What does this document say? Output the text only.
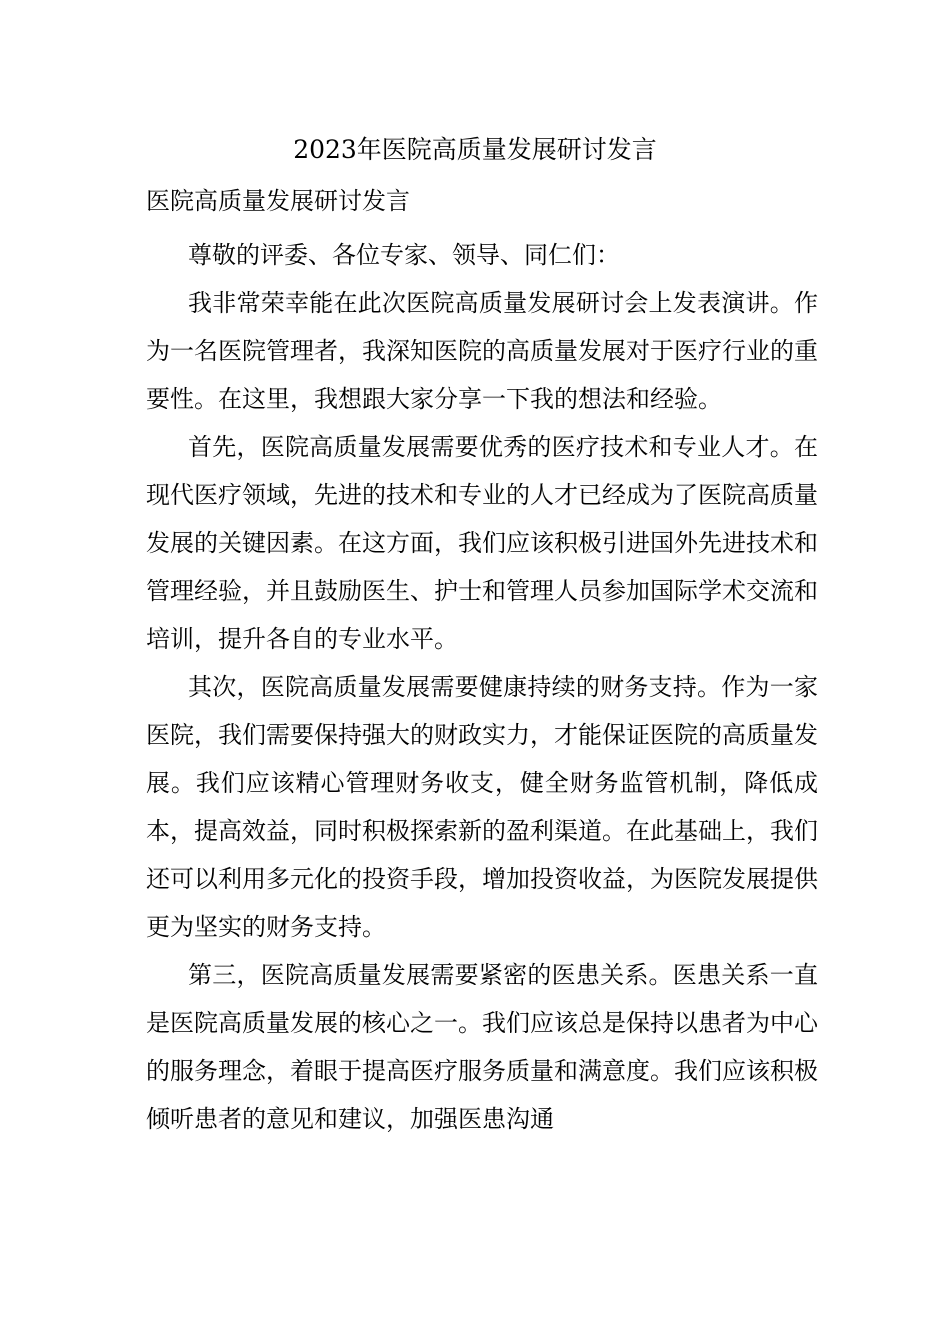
2023年医院高质量发展研讨发言
医院高质量发展研讨发言

尊敬的评委、各位专家、领导、同仁们：

我非常荣幸能在此次医院高质量发展研讨会上发表演讲。作为一名医院管理者，我深知医院的高质量发展对于医疗行业的重要性。在这里，我想跟大家分享一下我的想法和经验。

首先，医院高质量发展需要优秀的医疗技术和专业人才。在现代医疗领域，先进的技术和专业的人才已经成为了医院高质量发展的关键因素。在这方面，我们应该积极引进国外先进技术和管理经验，并且鼓励医生、护士和管理人员参加国际学术交流和培训，提升各自的专业水平。

其次，医院高质量发展需要健康持续的财务支持。作为一家医院，我们需要保持强大的财政实力，才能保证医院的高质量发展。我们应该精心管理财务收支，健全财务监管机制，降低成本，提高效益，同时积极探索新的盈利渠道。在此基础上，我们还可以利用多元化的投资手段，增加投资收益，为医院发展提供更为坚实的财务支持。

第三，医院高质量发展需要紧密的医患关系。医患关系一直是医院高质量发展的核心之一。我们应该总是保持以患者为中心的服务理念，着眼于提高医疗服务质量和满意度。我们应该积极倾听患者的意见和建议，加强医患沟通
